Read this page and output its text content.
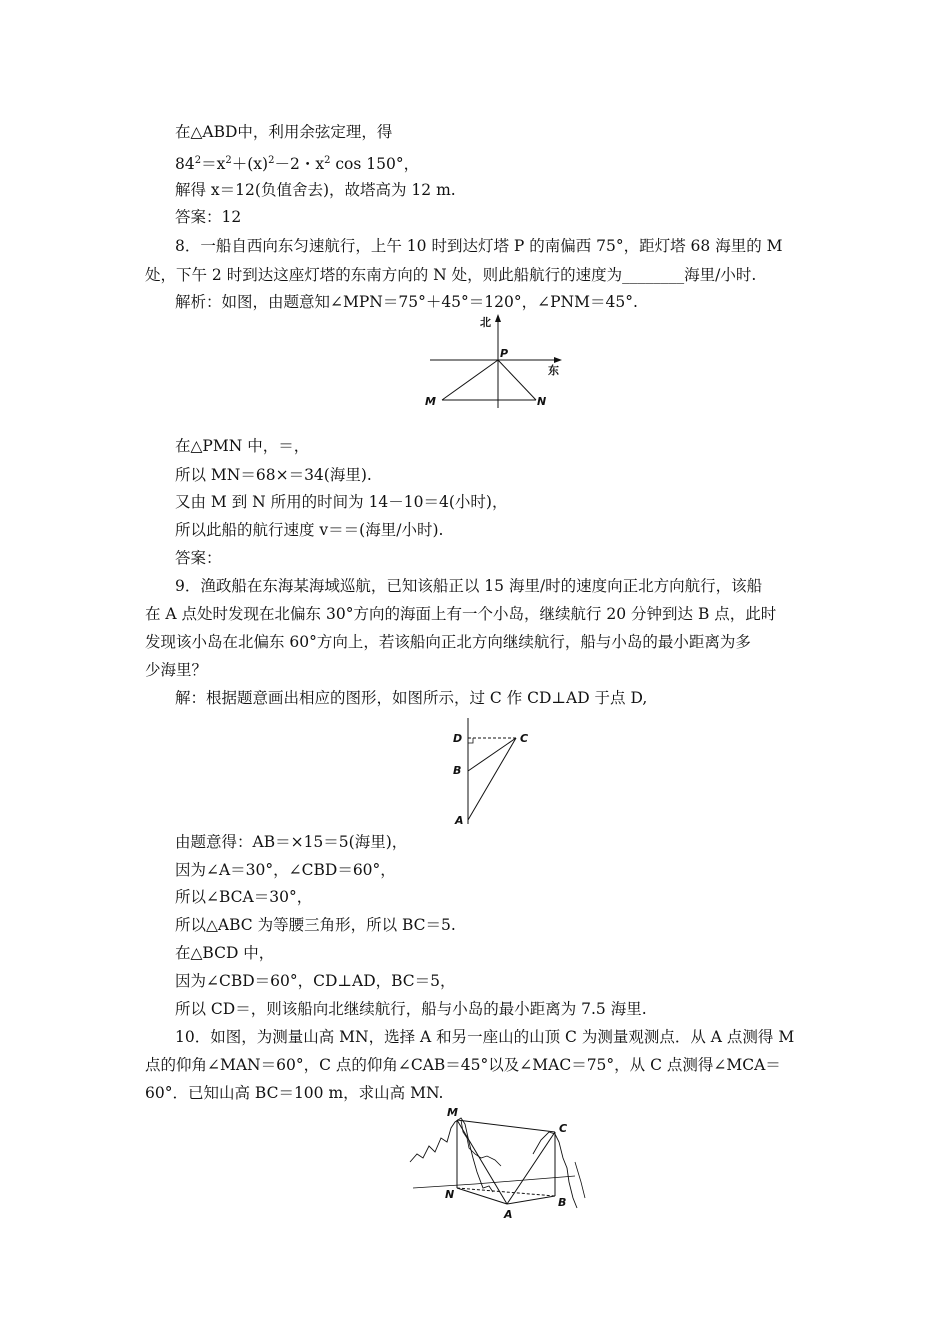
在△ABD中，利用余弦定理，得
$84^2=x^2+(x)^2-2$・$x^2$ cos 150°，
解得 x＝12(负值舍去)，故塔高为 12 m.
答案：12
8．一船自西向东匀速航行，上午 10 时到达灯塔 P 的南偏西 75°，距灯塔 68 海里的 M
处，下午 2 时到达这座灯塔的东南方向的 N 处，则此船航行的速度为________海里/小时.
解析：如图，由题意知∠MPN＝75°＋45°＝120°，∠PNM＝45°.
北
东
P
M	N
在△PMN 中，＝，
所以 MN＝68×＝34(海里).
又由 M 到 N 所用的时间为 14－10＝4(小时)，
所以此船的航行速度 v＝＝(海里/小时).
答案：
9．渔政船在东海某海域巡航，已知该船正以 15 海里/时的速度向正北方向航行，该船
在 A 点处时发现在北偏东 30°方向的海面上有一个小岛，继续航行 20 分钟到达 B 点，此时
发现该小岛在北偏东 60°方向上，若该船向正北方向继续航行，船与小岛的最小距离为多
少海里？
解：根据题意画出相应的图形，如图所示，过 C 作 CD⊥AD 于点 D,
D	C
B
A
由题意得：AB＝×15＝5(海里)，
因为∠A＝30°，∠CBD＝60°，
所以∠BCA＝30°，
所以△ABC 为等腰三角形，所以 BC＝5.
在△BCD 中，
因为∠CBD＝60°，CD⊥AD，BC＝5，
所以 CD＝，则该船向北继续航行，船与小岛的最小距离为 7.5 海里.
10．如图，为测量山高 MN，选择 A 和另一座山的山顶 C 为测量观测点．从 A 点测得 M
点的仰角∠MAN＝60°，C 点的仰角∠CAB＝45°以及∠MAC＝75°，从 C 点测得∠MCA＝
60°．已知山高 BC＝100 m，求山高 MN.
M
C
N
A
B
